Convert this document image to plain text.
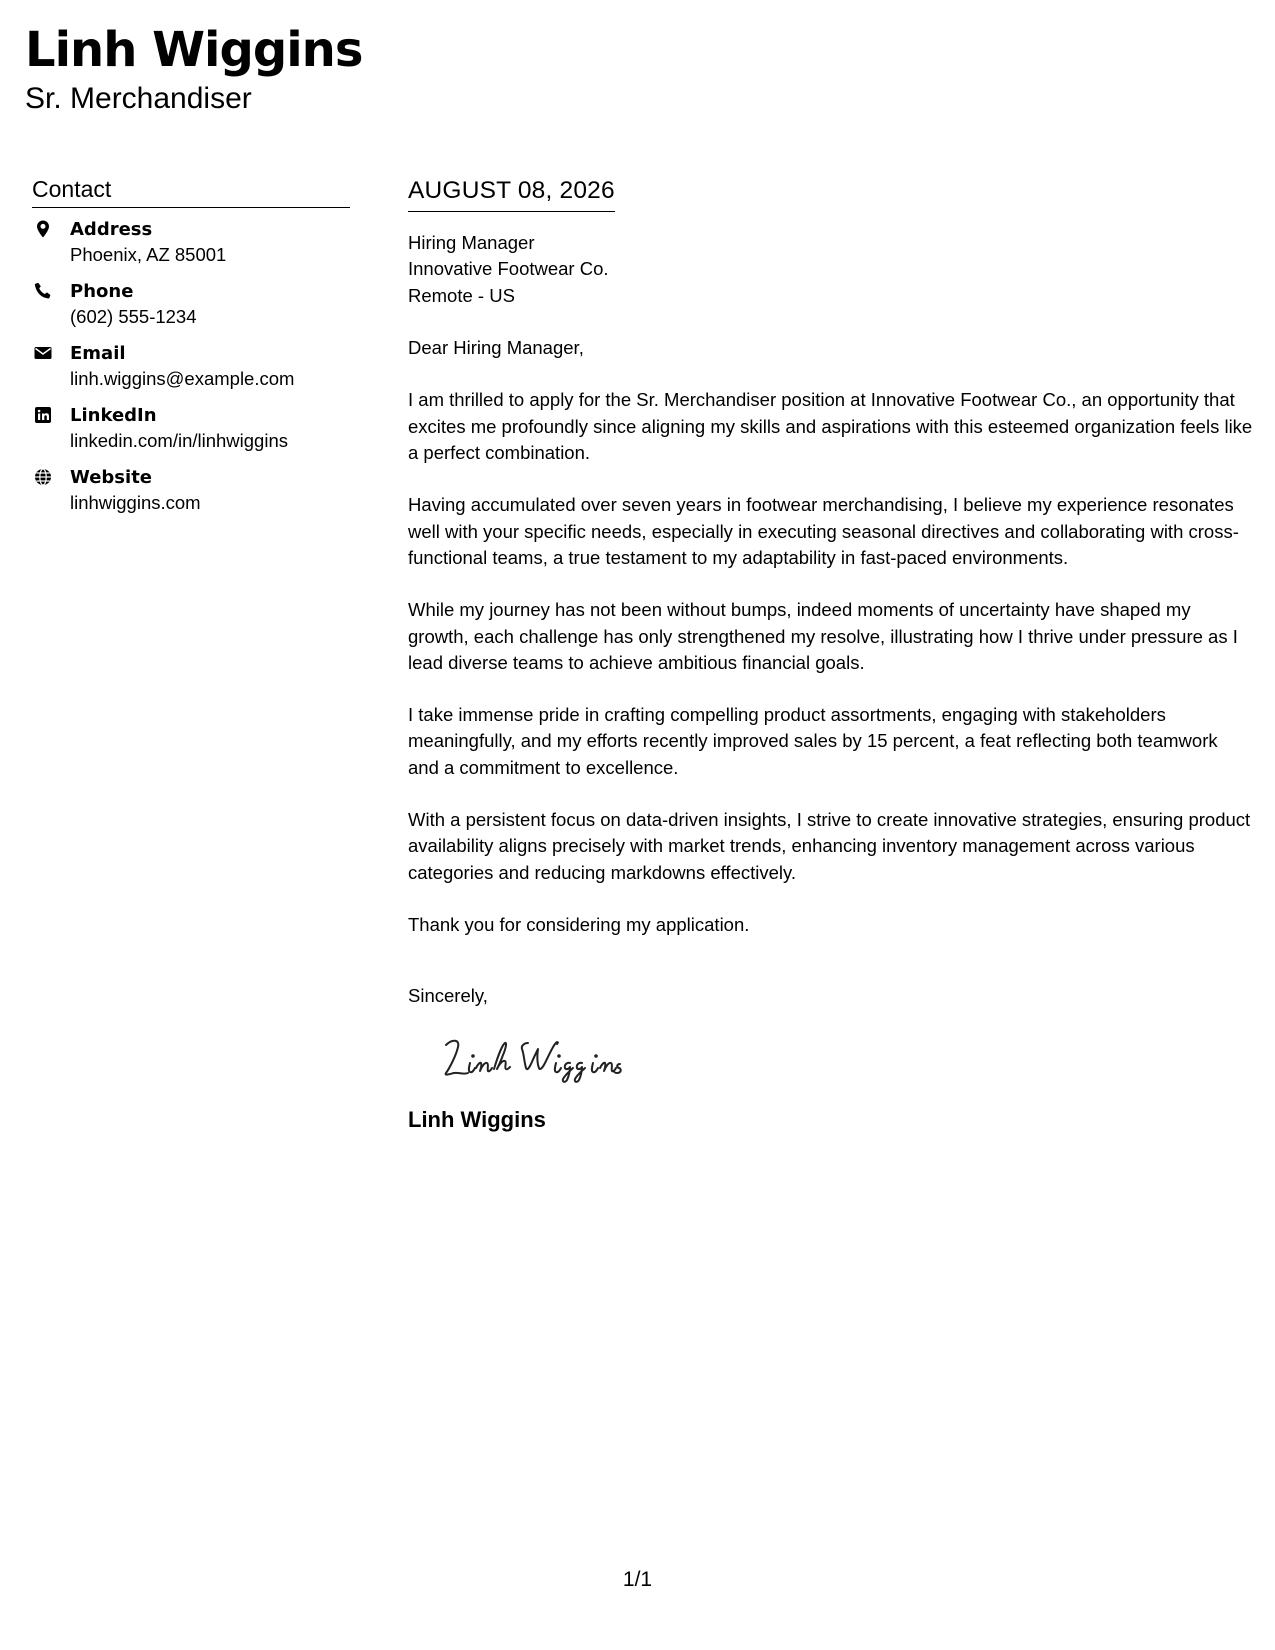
Linh Wiggins
Sr. Merchandiser
Contact
Address
Phoenix, AZ 85001
Phone
(602) 555-1234
Email
linh.wiggins@example.com
LinkedIn
linkedin.com/in/linhwiggins
Website
linhwiggins.com
AUGUST 08, 2026
Hiring Manager
Innovative Footwear Co.
Remote - US

Dear Hiring Manager,

I am thrilled to apply for the Sr. Merchandiser position at Innovative Footwear Co., an opportunity that excites me profoundly since aligning my skills and aspirations with this esteemed organization feels like a perfect combination.

Having accumulated over seven years in footwear merchandising, I believe my experience resonates well with your specific needs, especially in executing seasonal directives and collaborating with cross-functional teams, a true testament to my adaptability in fast-paced environments.

While my journey has not been without bumps, indeed moments of uncertainty have shaped my growth, each challenge has only strengthened my resolve, illustrating how I thrive under pressure as I lead diverse teams to achieve ambitious financial goals.

I take immense pride in crafting compelling product assortments, engaging with stakeholders meaningfully, and my efforts recently improved sales by 15 percent, a feat reflecting both teamwork and a commitment to excellence.

With a persistent focus on data-driven insights, I strive to create innovative strategies, ensuring product availability aligns precisely with market trends, enhancing inventory management across various categories and reducing markdowns effectively.

Thank you for considering my application.

Sincerely,
Linh Wiggins
1/1
